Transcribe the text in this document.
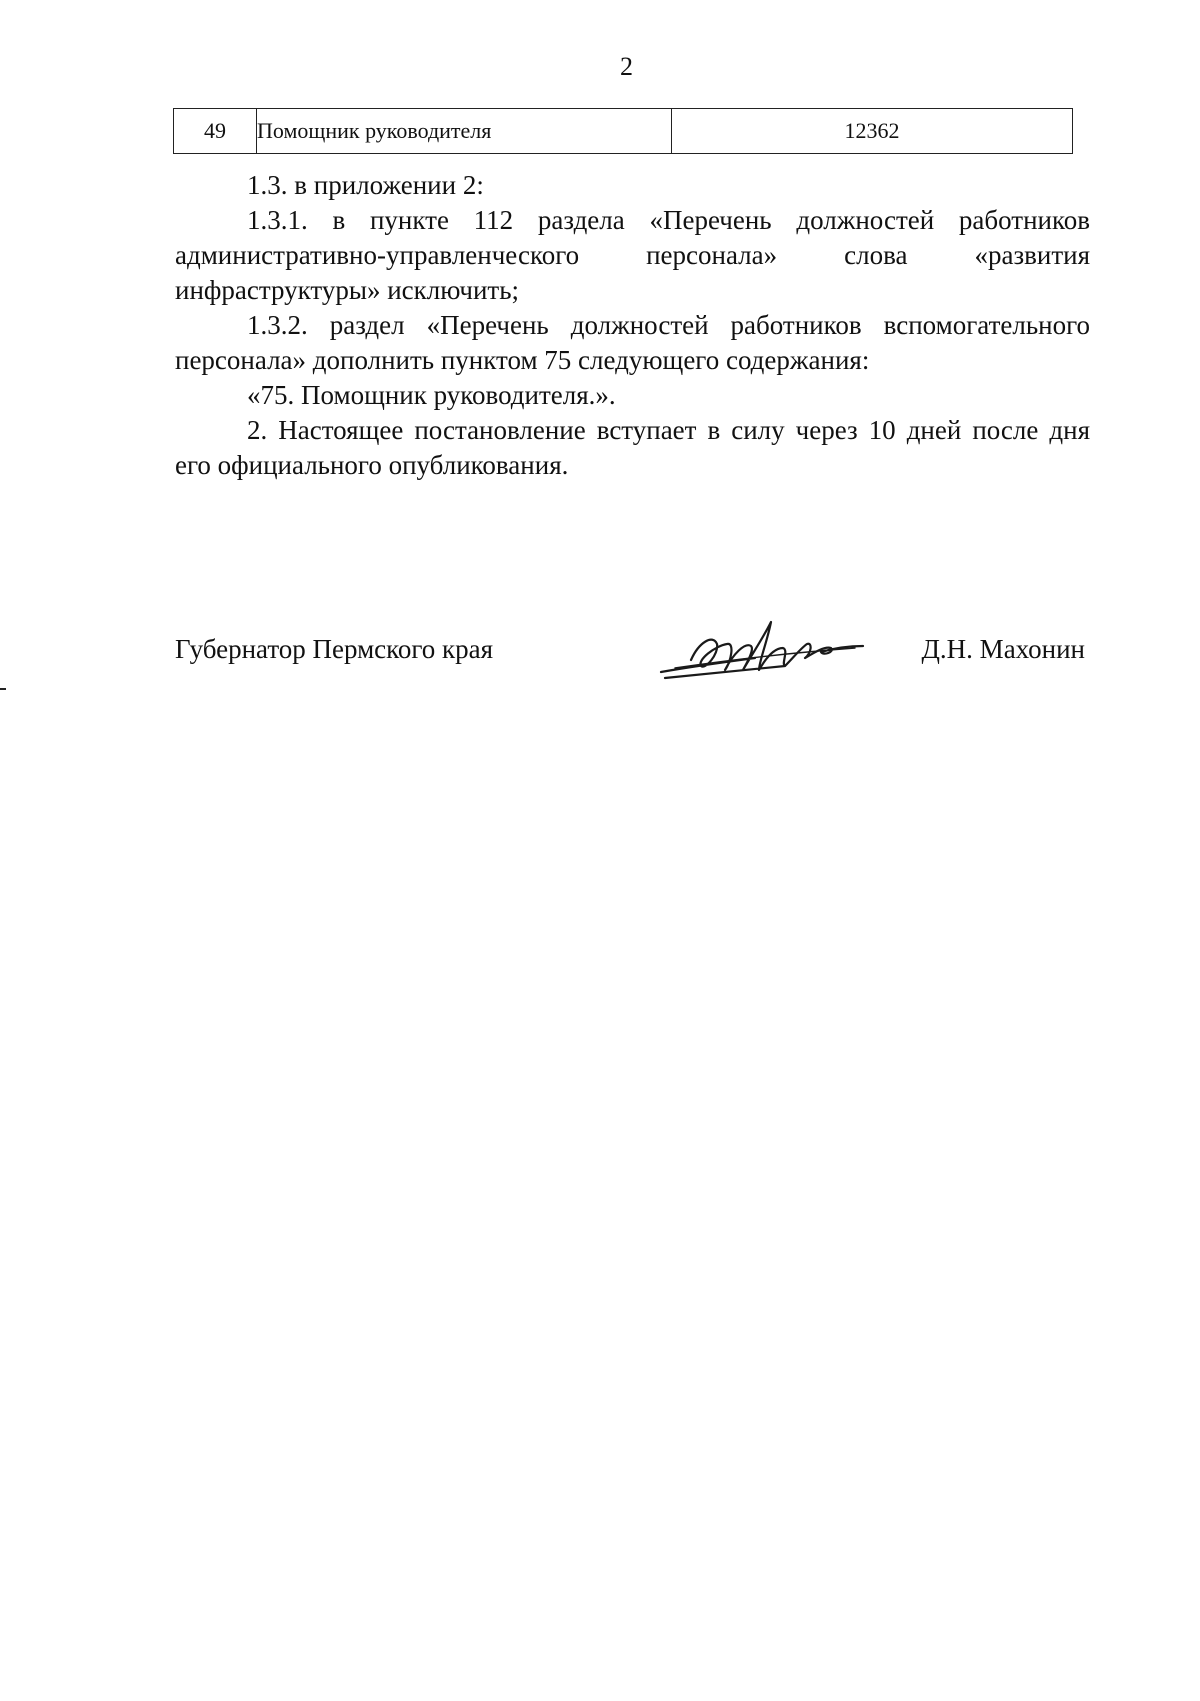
2
49	Помощник руководителя	12362

1.3. в приложении 2:

1.3.1. в пункте 112 раздела «Перечень должностей работников административно-управленческого персонала» слова «развития инфраструктуры» исключить;

1.3.2. раздел «Перечень должностей работников вспомогательного персонала» дополнить пунктом 75 следующего содержания:

«75. Помощник руководителя.».

2. Настоящее постановление вступает в силу через 10 дней после дня его официального опубликования.

Губернатор Пермского края	Д.Н. Махонин
